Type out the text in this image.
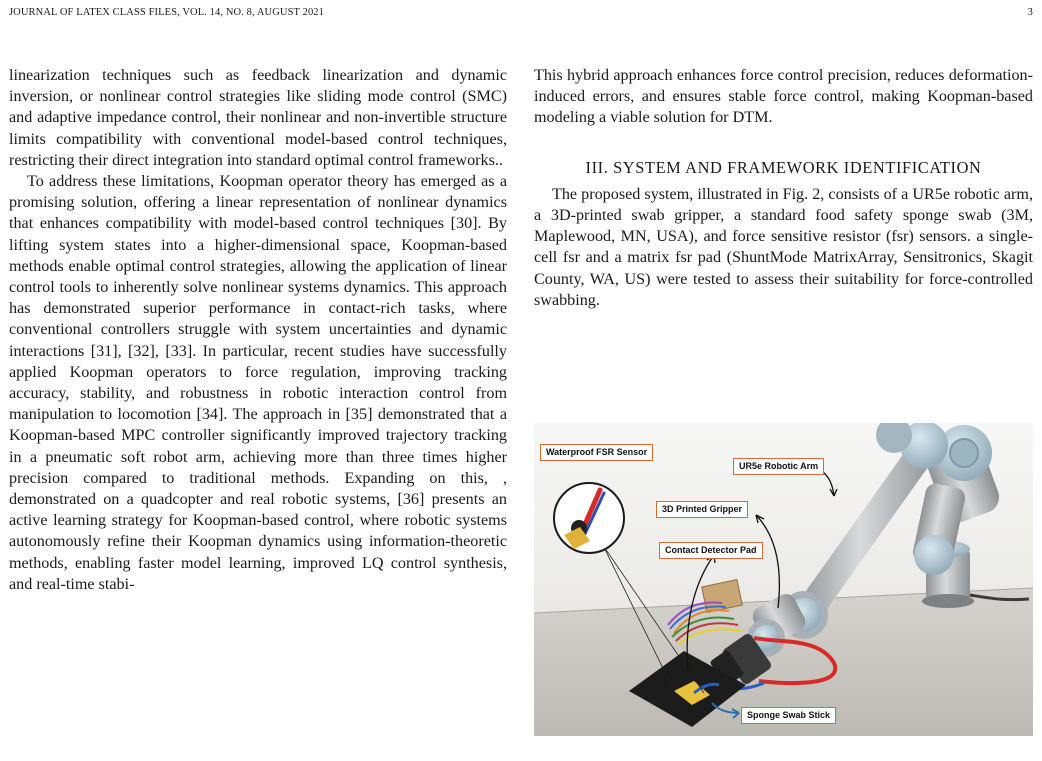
JOURNAL OF LATEX CLASS FILES, VOL. 14, NO. 8, AUGUST 2021	3

linearization techniques such as feedback linearization and dynamic inversion, or nonlinear control strategies like sliding mode control (SMC) and adaptive impedance control, their nonlinear and non-invertible structure limits compatibility with conventional model-based control techniques, restricting their direct integration into standard optimal control frameworks..

To address these limitations, Koopman operator theory has emerged as a promising solution, offering a linear representation of nonlinear dynamics that enhances compatibility with model-based control techniques [30]. By lifting system states into a higher-dimensional space, Koopman-based methods enable optimal control strategies, allowing the application of linear control tools to inherently solve nonlinear systems dynamics. This approach has demonstrated superior performance in contact-rich tasks, where conventional controllers struggle with system uncertainties and dynamic interactions [31], [32], [33]. In particular, recent studies have successfully applied Koopman operators to force regulation, improving tracking accuracy, stability, and robustness in robotic interaction control from manipulation to locomotion [34]. The approach in [35] demonstrated that a Koopman-based MPC controller significantly improved trajectory tracking in a pneumatic soft robot arm, achieving more than three times higher precision compared to traditional methods. Expanding on this, , demonstrated on a quadcopter and real robotic systems, [36] presents an active learning strategy for Koopman-based control, where robotic systems autonomously refine their Koopman dynamics using information-theoretic methods, enabling faster model learning, improved LQ control synthesis, and real-time stabi-

This hybrid approach enhances force control precision, reduces deformation-induced errors, and ensures stable force control, making Koopman-based modeling a viable solution for DTM.

III. SYSTEM AND FRAMEWORK IDENTIFICATION

The proposed system, illustrated in Fig. 2, consists of a UR5e robotic arm, a 3D-printed swab gripper, a standard food safety sponge swab (3M, Maplewood, MN, USA), and force sensitive resistor (fsr) sensors. a single-cell fsr and a matrix fsr pad (ShuntMode MatrixArray, Sensitronics, Skagit County, WA, US) were tested to assess their suitability for force-controlled swabbing.

Waterproof FSR Sensor
UR5e Robotic Arm
3D Printed Gripper
Contact Detector Pad
Sponge Swab Stick
